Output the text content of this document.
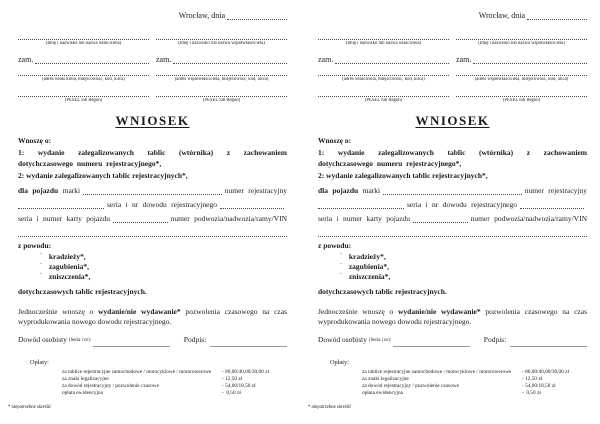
Wrocław, dnia
(Imię i nazwisko lub nazwa właściciela)
zam.
(adres właściciela, miejscowość, kod, ulica)
(PESEL lub Regon)
(Imię i nazwisko lub nazwa współwłaściciela)
zam.
(adres współwłaściciela, miejscowość, kod, ulica)
(PESEL lub Regon)
WNIOSEK
Wnoszę o:
1: wydanie zalegalizowanych tablic (wtórnika) z zachowaniem dotychczasowego numeru rejestracyjnego*,
2: wydanie zalegalizowanych tablic rejestracyjnych*,
dla pojazdu
marki	numer rejestracyjny
seria i nr dowodu rejestracyjnego
seria i numer karty pojazdu	numer podwozia/nadwozia/ramy/VIN
z powodu:
- kradzieży*,
- zagubienia*,
- zniszczenia*,
dotychczasowych tablic rejestracyjnych.
Jednocześnie wnoszę o wydanie/nie wydawanie* pozwolenia czasowego na czas wyprodukowania nowego dowodu rejestracyjnego.
Dowód osobisty (Seria i nr):	Podpis:
Opłaty:
za tablice rejestracyjne samochodowe / motocyklowe / motorowerowe	- 80,00/40,00/30,00 zł
za znaki legalizacyjne	- 12,50 zł
za dowód rejestracyjny / pozwolenie czasowe	- 54,00/18,50 zł
opłata ewidencyjna	-  0,50 zł
* niepotrzebne skreślić
Wrocław, dnia
(Imię i nazwisko lub nazwa właściciela)
zam.
(adres właściciela, miejscowość, kod, ulica)
(PESEL lub Regon)
(Imię i nazwisko lub nazwa współwłaściciela)
zam.
(adres współwłaściciela, miejscowość, kod, ulica)
(PESEL lub Regon)
WNIOSEK
Wnoszę o:
1: wydanie zalegalizowanych tablic (wtórnika) z zachowaniem dotychczasowego numeru rejestracyjnego*,
2: wydanie zalegalizowanych tablic rejestracyjnych*,
dla pojazdu
marki	numer rejestracyjny
seria i nr dowodu rejestracyjnego
seria i numer karty pojazdu	numer podwozia/nadwozia/ramy/VIN
z powodu:
- kradzieży*,
- zagubienia*,
- zniszczenia*,
dotychczasowych tablic rejestracyjnych.
Jednocześnie wnoszę o wydanie/nie wydawanie* pozwolenia czasowego na czas wyprodukowania nowego dowodu rejestracyjnego.
Dowód osobisty (Seria i nr):	Podpis:
Opłaty:
za tablice rejestracyjne samochodowe / motocyklowe / motorowerowe	- 80,00/40,00/30,00 zł
za znaki legalizacyjne	- 12,50 zł
za dowód rejestracyjny / pozwolenie czasowe	- 54,00/18,50 zł
opłata ewidencyjna	-  0,50 zł
* niepotrzebne skreślić
